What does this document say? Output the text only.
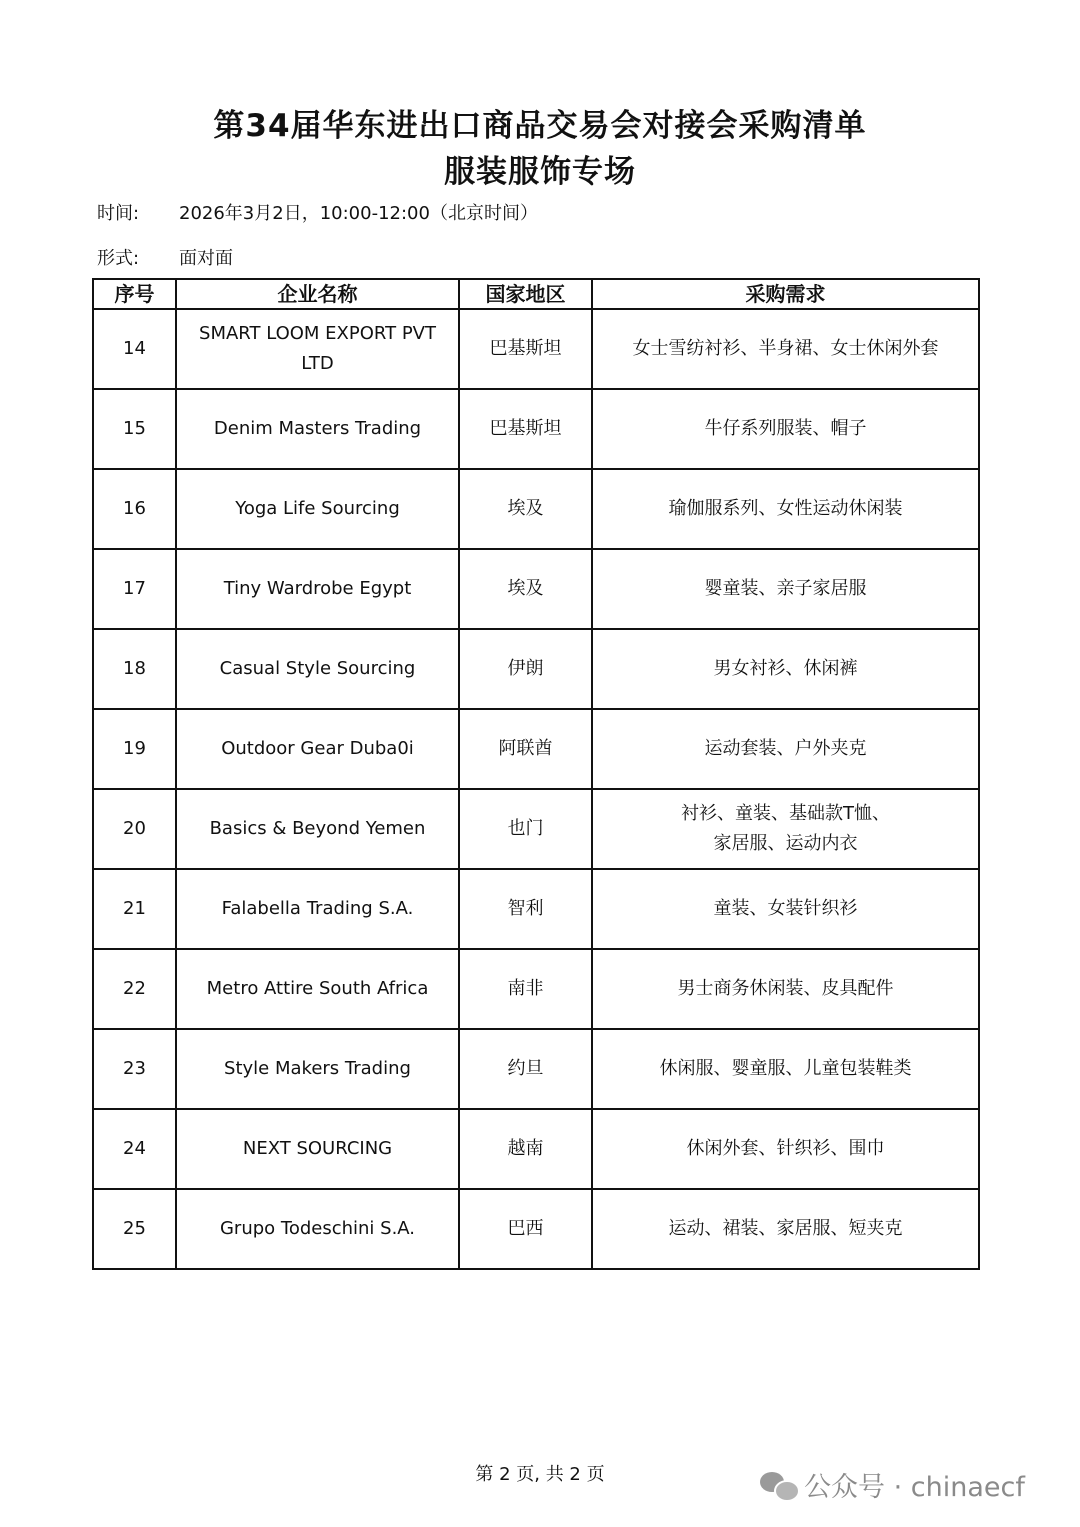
第34届华东进出口商品交易会对接会采购清单
服装服饰专场
时间: 2026年3月2日，10:00-12:00（北京时间）
形式: 面对面
序号	企业名称	国家地区	采购需求
14	SMART LOOM EXPORT PVT LTD	巴基斯坦	女士雪纺衬衫、半身裙、女士休闲外套
15	Denim Masters Trading	巴基斯坦	牛仔系列服装、帽子
16	Yoga Life Sourcing	埃及	瑜伽服系列、女性运动休闲装
17	Tiny Wardrobe Egypt	埃及	婴童装、亲子家居服
18	Casual Style Sourcing	伊朗	男女衬衫、休闲裤
19	Outdoor Gear Duba0i	阿联酋	运动套装、户外夹克
20	Basics & Beyond Yemen	也门	衬衫、童装、基础款T恤、
家居服、运动内衣

21	Falabella Trading S.A.	智利	童装、女装针织衫
22	Metro Attire South Africa	南非	男士商务休闲装、皮具配件
23	Style Makers Trading	约旦	休闲服、婴童服、儿童包装鞋类
24	NEXT SOURCING	越南	休闲外套、针织衫、围巾
25	Grupo Todeschini S.A.	巴西	运动、裙装、家居服、短夹克
第 2 页, 共 2 页	公众号 · chinaecf
